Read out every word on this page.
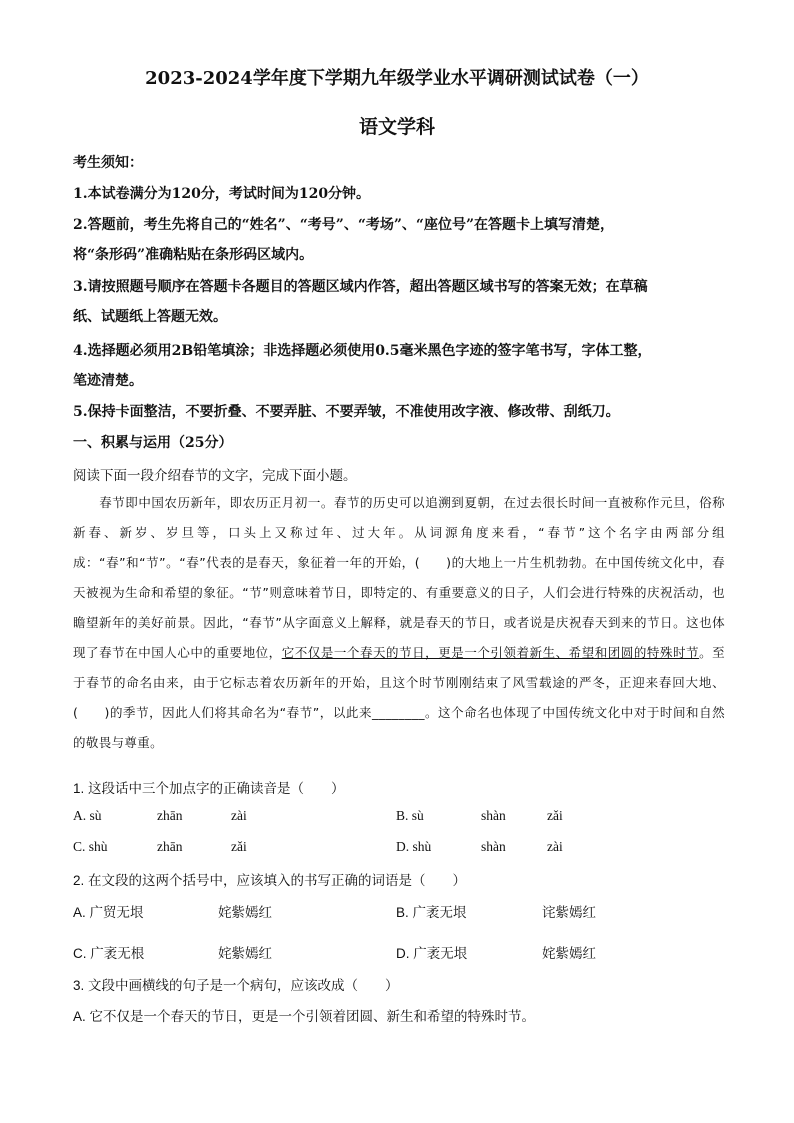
2023-2024学年度下学期九年级学业水平调研测试试卷（一）
语文学科
考生须知：
1.本试卷满分为120分，考试时间为120分钟。
2.答题前，考生先将自己的“姓名”、“考号”、“考场”、“座位号”在答题卡上填写清楚，
将“条形码”准确粘贴在条形码区域内。
3.请按照题号顺序在答题卡各题目的答题区域内作答，超出答题区域书写的答案无效；在草稿
纸、试题纸上答题无效。
4.选择题必须用2B铅笔填涂；非选择题必须使用0.5毫米黑色字迹的签字笔书写，字体工整，
笔迹清楚。
5.保持卡面整洁，不要折叠、不要弄脏、不要弄皱，不准使用改字液、修改带、刮纸刀。
一、积累与运用（25分）
阅读下面一段介绍春节的文字，完成下面小题。
春节即中国农历新年，即农历正月初一。春节的历史可以追溯到夏朝，在过去很长时间一直被称作元旦，俗称新春、新岁、岁旦等，口头上又称过年、过大年。从词源角度来看，“春节”这个名字由两部分组成：“春”和“节”。“春”代表的是春天，象征着一年的开始，(　　)的大地上一片生机勃勃。在中国传统文化中，春天被视为生命和希望的象征。“节”则意味着节日，即特定的、有重要意义的日子，人们会进行特殊的庆祝活动，也瞻望新年的美好前景。因此，“春节”从字面意义上解释，就是春天的节日，或者说是庆祝春天到来的节日。这也体现了春节在中国人心中的重要地位，它不仅是一个春天的节日，更是一个引领着新生、希望和团圆的特殊时节。至于春节的命名由来，由于它标志着农历新年的开始，且这个时节刚刚结束了风雪载途的严冬，正迎来春回大地、(　　)的季节，因此人们将其命名为“春节”，以此来________。这个命名也体现了中国传统文化中对于时间和自然的敬畏与尊重。
1. 这段话中三个加点字的正确读音是（　　）
A. sù	zhān	zài	B. sù	shàn	zǎi
C. shù	zhān	zǎi	D. shù	shàn	zài
2. 在文段的这两个括号中，应该填入的书写正确的词语是（　　）
A. 广贸无垠	姹紫嫣红	B. 广袤无垠	诧紫嫣红
C. 广袤无根	姹紫嫣红	D. 广袤无垠	姹紫嫣红
3. 文段中画横线的句子是一个病句，应该改成（　　）
A. 它不仅是一个春天的节日，更是一个引领着团圆、新生和希望的特殊时节。
